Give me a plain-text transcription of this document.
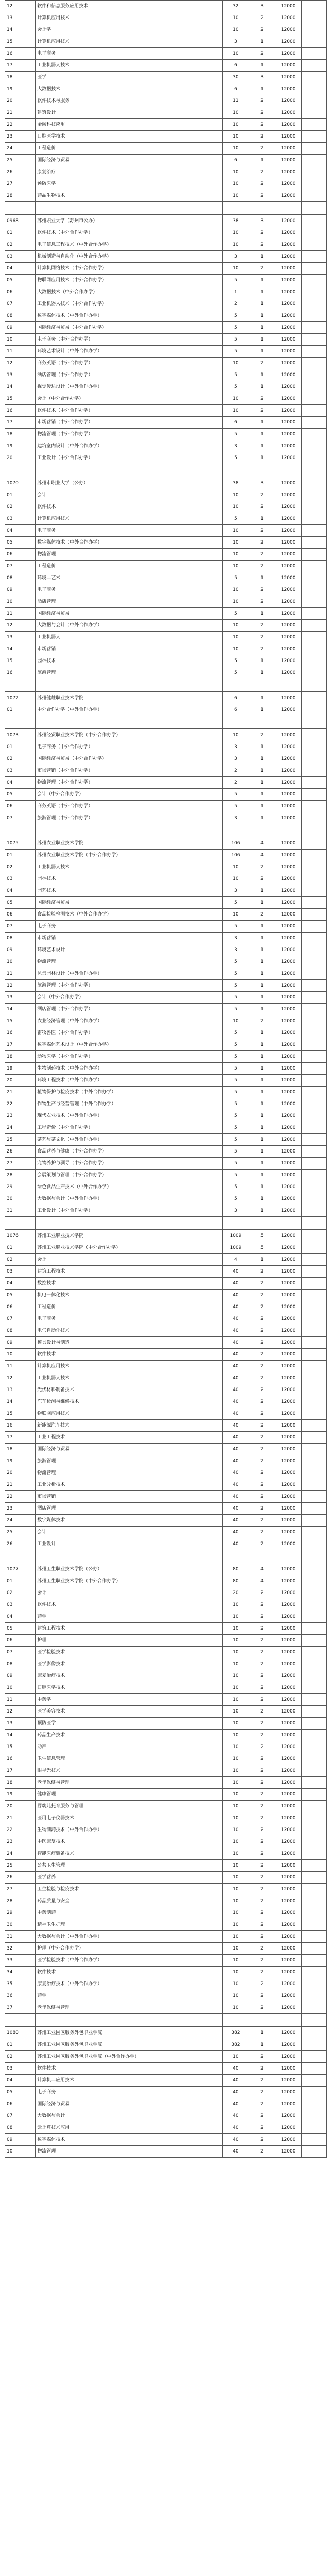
12	软件和信息服务应用技术	32	3	12000	
13	计算机应用技术	10	2	12000	
14	会计学	10	2	12000	
15	计算机应用技术	3	1	12000	
16	电子商务	10	2	12000	
17	工业机器人技术	6	1	12000	
18	医学	30	3	12000	
19	大数据技术	6	1	12000	
20	软件技术与服务	11	2	12000	
21	建筑设计	10	2	12000	
22	金融科技应用	10	2	12000	
23	口腔医学技术	10	2	12000	
24	工程造价	10	2	12000	
25	国际经济与贸易	6	1	12000	
26	康复治疗	10	2	12000	
27	预防医学	10	2	12000	
28	药品生物技术	10	2	12000	

0968	苏州职业大学（苏州市公办）	38	3	12000	
01	软件技术（中外合作办学）	10	2	12000	
02	电子信息工程技术（中外合作办学）	10	2	12000	
03	机械制造与自动化（中外合作办学）	3	1	12000	
04	计算机网络技术（中外合作办学）	10	2	12000	
05	物联网应用技术（中外合作办学）	5	1	12000	
06	大数据技术（中外合作办学）	1	1	12000	
07	工业机器人技术（中外合作办学）	2	1	12000	
08	数字媒体技术（中外合作办学）	5	1	12000	
09	国际经济与贸易（中外合作办学）	5	1	12000	
10	电子商务（中外合作办学）	5	1	12000	
11	环境艺术设计（中外合作办学）	5	1	12000	
12	商务英语（中外合作办学）	10	2	12000	
13	酒店管理（中外合作办学）	5	1	12000	
14	视觉传达设计（中外合作办学）	5	1	12000	
15	会计（中外合作办学）	10	2	12000	
16	软件技术（中外合作办学）	10	2	12000	
17	市场营销（中外合作办学）	6	1	12000	
18	物流管理（中外合作办学）	5	1	12000	
19	建筑室内设计（中外合作办学）	3	1	12000	
20	工业设计（中外合作办学）	5	1	12000	

1070	苏州市职业大学（公办）	38	3	12000	
01	会计	10	2	12000	
02	软件技术	10	2	12000	
03	计算机应用技术	5	1	12000	
04	电子商务	10	2	12000	
05	数字媒体技术（中外合作办学）	10	2	12000	
06	物流管理	10	2	12000	
07	工程造价	10	2	12000	
08	环境—艺术	5	1	12000	
09	电子商务	10	2	12000	
10	酒店管理	10	2	12000	
11	国际经济与贸易	5	1	12000	
12	大数据与会计（中外合作办学）	10	2	12000	
13	工业机器人	10	2	12000	
14	市场营销	10	2	12000	
15	园林技术	5	1	12000	
16	旅游管理	5	1	12000	

1072	苏州健雄职业技术学院	6	1	12000	
01	中外合作办学（中外合作办学）	6	1	12000	

1073	苏州经贸职业技术学院（中外合作办学）	10	2	12000	
01	电子商务（中外合作办学）	3	1	12000	
02	国际经济与贸易（中外合作办学）	3	1	12000	
03	市场营销（中外合作办学）	2	1	12000	
04	物流管理（中外合作办学）	2	1	12000	
05	会计（中外合作办学）	5	1	12000	
06	商务英语（中外合作办学）	5	1	12000	
07	旅游管理（中外合作办学）	3	1	12000	

1075	苏州农业职业技术学院	106	4	12000	
01	苏州农业职业技术学院（中外合作办学）	106	4	12000	
02	工业机器人技术	10	2	12000	
03	园林技术	10	2	12000	
04	园艺技术	3	1	12000	
05	国际经济与贸易	5	1	12000	
06	食品检验检测技术（中外合作办学）	10	2	12000	
07	电子商务	5	1	12000	
08	市场营销	3	1	12000	
09	环境艺术设计	3	1	12000	
10	物流管理	5	1	12000	
11	风景园林设计（中外合作办学）	5	1	12000	
12	旅游管理（中外合作办学）	5	1	12000	
13	会计（中外合作办学）	5	1	12000	
14	酒店管理（中外合作办学）	5	1	12000	
15	农业经济管理（中外合作办学）	10	2	12000	
16	畜牧兽医（中外合作办学）	5	1	12000	
17	数字媒体艺术设计（中外合作办学）	5	1	12000	
18	动物医学（中外合作办学）	5	1	12000	
19	生物制药技术（中外合作办学）	5	1	12000	
20	环境工程技术（中外合作办学）	5	1	12000	
21	植物保护与检疫技术（中外合作办学）	5	1	12000	
22	作物生产与经营管理（中外合作办学）	5	1	12000	
23	现代农业技术（中外合作办学）	5	1	12000	
24	工程造价（中外合作办学）	5	1	12000	
25	茶艺与茶文化（中外合作办学）	5	1	12000	
26	食品营养与健康（中外合作办学）	5	1	12000	
27	宠物养护与驯导（中外合作办学）	5	1	12000	
28	会展策划与管理（中外合作办学）	5	1	12000	
29	绿色食品生产技术（中外合作办学）	5	1	12000	
30	大数据与会计（中外合作办学）	5	1	12000	
31	工业设计（中外合作办学）	3	1	12000	

1076	苏州工业职业技术学院	1009	5	12000	
01	苏州工业职业技术学院（中外合作办学）	1009	5	12000	
02	会计	4	1	12000	
03	建筑工程技术	40	2	12000	
04	数控技术	40	2	12000	
05	机电一体化技术	40	2	12000	
06	工程造价	40	2	12000	
07	电子商务	40	2	12000	
08	电气自动化技术	40	2	12000	
09	模具设计与制造	40	2	12000	
10	软件技术	40	2	12000	
11	计算机应用技术	40	2	12000	
12	工业机器人技术	40	2	12000	
13	光伏材料制备技术	40	2	12000	
14	汽车检测与维修技术	40	2	12000	
15	物联网应用技术	40	2	12000	
16	新能源汽车技术	40	2	12000	
17	工业工程技术	40	2	12000	
18	国际经济与贸易	40	2	12000	
19	旅游管理	40	2	12000	
20	物流管理	40	2	12000	
21	工业分析技术	40	2	12000	
22	市场营销	40	2	12000	
23	酒店管理	40	2	12000	
24	数字媒体技术	40	2	12000	
25	会计	40	2	12000	
26	工业设计	40	2	12000	

1077	苏州卫生职业技术学院（公办）	80	4	12000	
01	苏州卫生职业技术学院（中外合作办学）	80	4	12000	
02	会计	20	2	12000	
03	软件技术	10	2	12000	
04	药学	10	2	12000	
05	建筑工程技术	10	2	12000	
06	护理	10	2	12000	
07	医学检验技术	10	2	12000	
08	医学影像技术	10	2	12000	
09	康复治疗技术	10	2	12000	
10	口腔医学技术	10	2	12000	
11	中药学	10	2	12000	
12	医学美容技术	10	2	12000	
13	预防医学	10	2	12000	
14	药品生产技术	10	2	12000	
15	助产	10	2	12000	
16	卫生信息管理	10	2	12000	
17	眼视光技术	10	2	12000	
18	老年保健与管理	10	2	12000	
19	健康管理	10	2	12000	
20	婴幼儿托育服务与管理	10	2	12000	
21	医用电子仪器技术	10	2	12000	
22	生物制药技术（中外合作办学）	10	2	12000	
23	中医康复技术	10	2	12000	
24	智能医疗装备技术	10	2	12000	
25	公共卫生管理	10	2	12000	
26	医学营养	10	2	12000	
27	卫生检验与检疫技术	10	2	12000	
28	药品质量与安全	10	2	12000	
29	中药制药	10	2	12000	
30	精神卫生护理	10	2	12000	
31	大数据与会计（中外合作办学）	10	2	12000	
32	护理（中外合作办学）	10	2	12000	
33	医学检验技术（中外合作办学）	10	2	12000	
34	软件技术	10	2	12000	
35	康复治疗技术（中外合作办学）	10	2	12000	
36	药学	10	2	12000	
37	老年保健与管理	10	2	12000	

1080	苏州工业园区服务外包职业学院	382	1	12000	
01	苏州工业园区服务外包职业学院	382	1	12000	
02	苏州工业园区服务外包职业学院（中外合作办学）	10	2	12000	
03	软件技术	40	2	12000	
04	计算机—应用技术	40	2	12000	
05	电子商务	40	2	12000	
06	国际经济与贸易	40	2	12000	
07	大数据与会计	40	2	12000	
08	云计算技术应用	40	2	12000	
09	数字媒体技术	40	2	12000	
10	物流管理	40	2	12000	
